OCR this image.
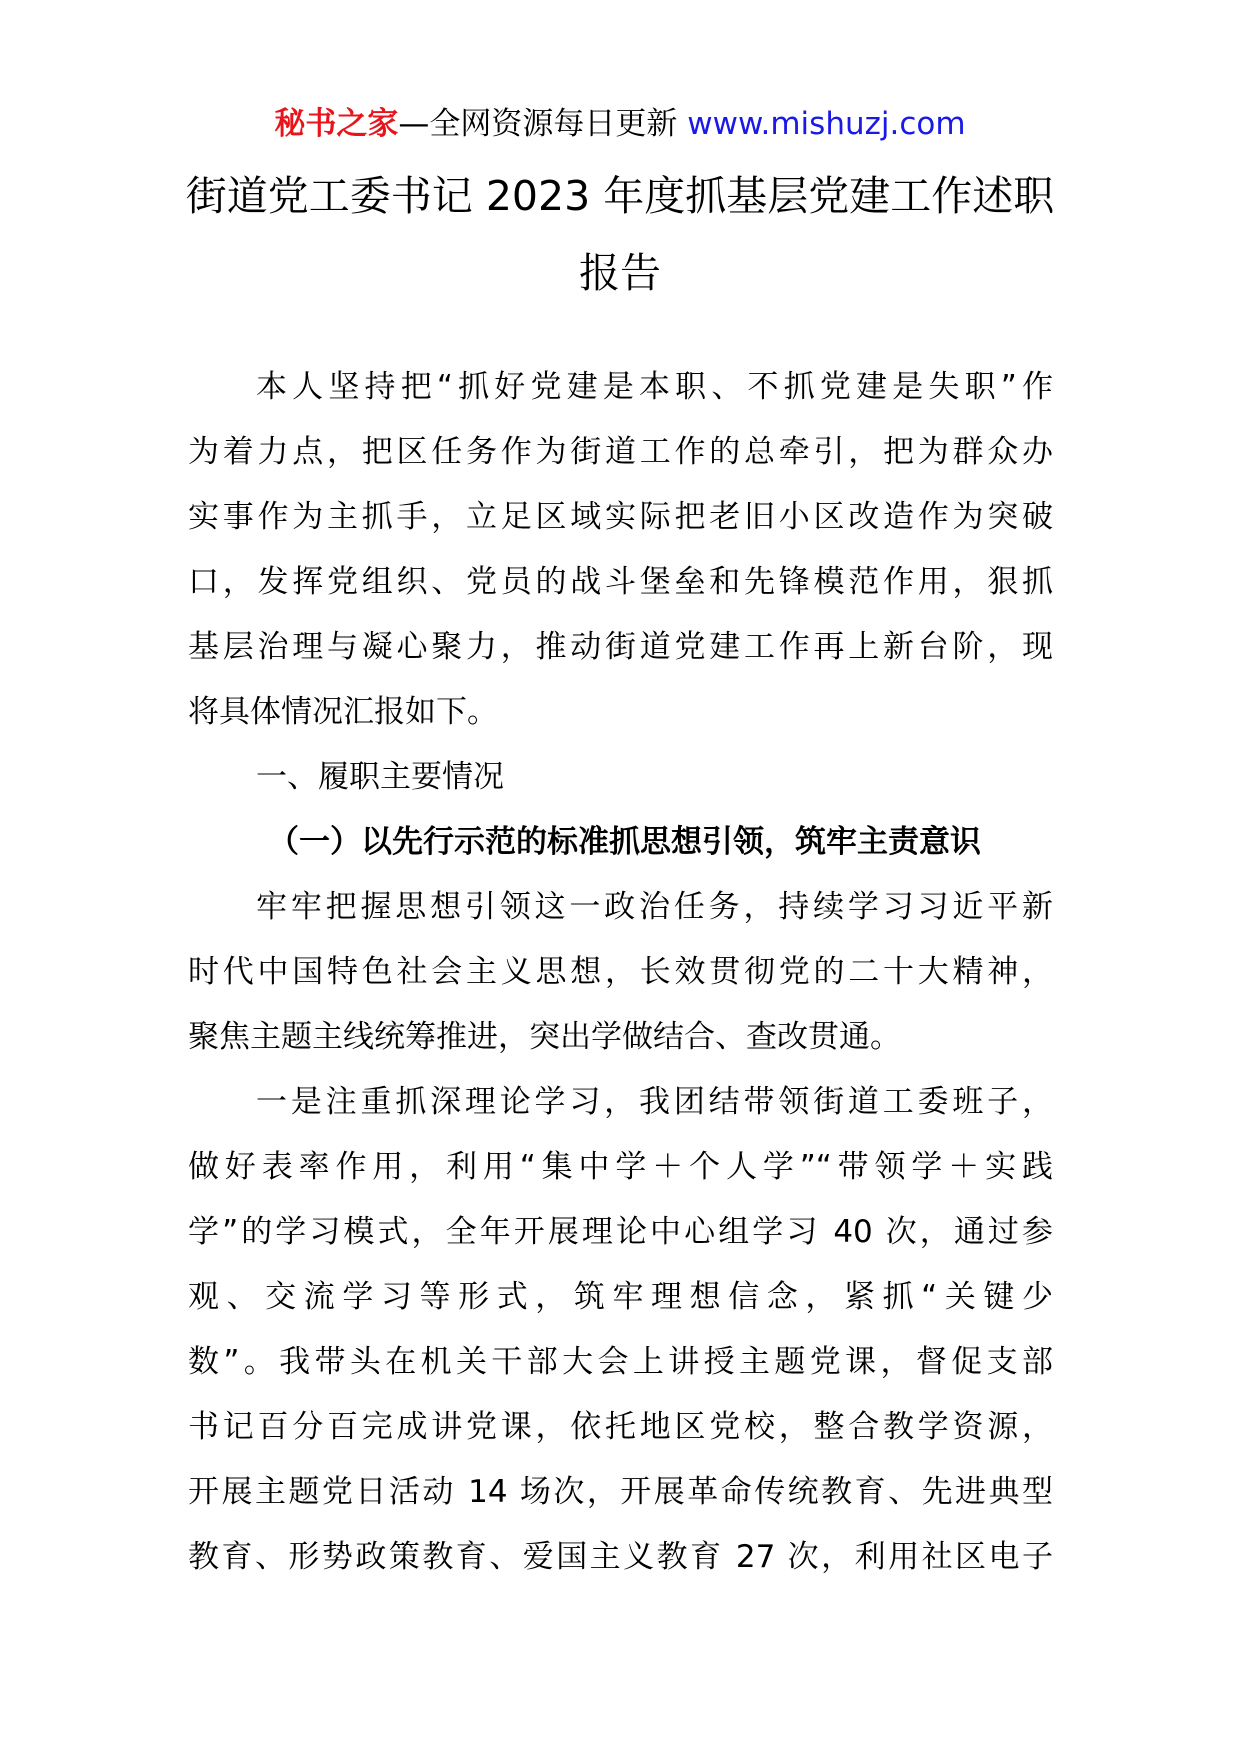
秘书之家—全网资源每日更新 www.mishuzj.com
街道党工委书记 2023 年度抓基层党建工作述职
报告
本人坚持把“抓好党建是本职、不抓党建是失职”作
为着力点，把区任务作为街道工作的总牵引，把为群众办
实事作为主抓手，立足区域实际把老旧小区改造作为突破
口，发挥党组织、党员的战斗堡垒和先锋模范作用，狠抓
基层治理与凝心聚力，推动街道党建工作再上新台阶，现
将具体情况汇报如下。
一、履职主要情况
（一）以先行示范的标准抓思想引领，筑牢主责意识
牢牢把握思想引领这一政治任务，持续学习习近平新
时代中国特色社会主义思想，长效贯彻党的二十大精神，
聚焦主题主线统筹推进，突出学做结合、查改贯通。
一是注重抓深理论学习，我团结带领街道工委班子，
做好表率作用，利用“集中学＋个人学”“带领学＋实践
学”的学习模式，全年开展理论中心组学习 40 次，通过参
观、交流学习等形式，筑牢理想信念，紧抓“关键少
数”。我带头在机关干部大会上讲授主题党课，督促支部
书记百分百完成讲党课，依托地区党校，整合教学资源，
开展主题党日活动 14 场次，开展革命传统教育、先进典型
教育、形势政策教育、爱国主义教育 27 次，利用社区电子
